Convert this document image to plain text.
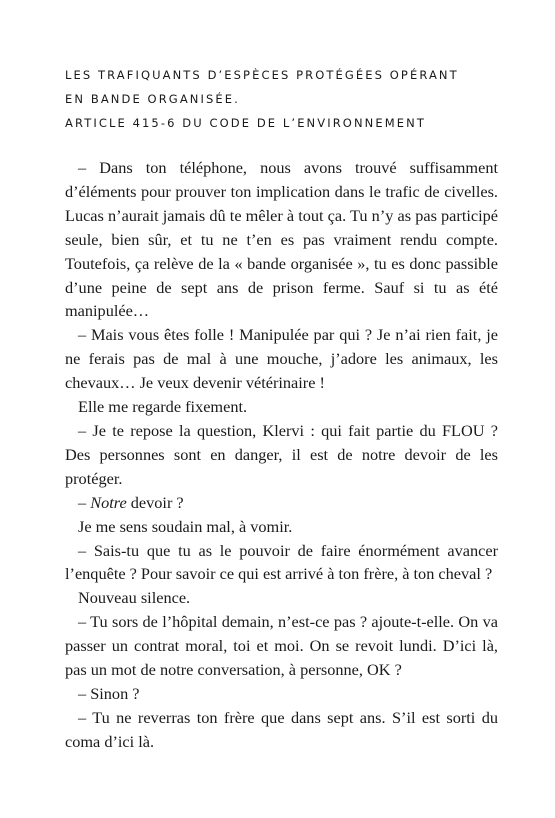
LES TRAFIQUANTS D’ESPÈCES PROTÉGÉES OPÉRANT
EN BANDE ORGANISÉE.
ARTICLE 415-6 DU CODE DE L’ENVIRONNEMENT

– Dans ton téléphone, nous avons trouvé suffisamment d’éléments pour prouver ton implication dans le trafic de civelles. Lucas n’aurait jamais dû te mêler à tout ça. Tu n’y as pas participé seule, bien sûr, et tu ne t’en es pas vraiment rendu compte. Toutefois, ça relève de la « bande organisée », tu es donc passible d’une peine de sept ans de prison ferme. Sauf si tu as été manipulée…

– Mais vous êtes folle ! Manipulée par qui ? Je n’ai rien fait, je ne ferais pas de mal à une mouche, j’adore les animaux, les chevaux… Je veux devenir vétérinaire !

Elle me regarde fixement.

– Je te repose la question, Klervi : qui fait partie du FLOU ? Des personnes sont en danger, il est de notre devoir de les protéger.

– Notre devoir ?

Je me sens soudain mal, à vomir.

– Sais-tu que tu as le pouvoir de faire énormément avancer l’enquête ? Pour savoir ce qui est arrivé à ton frère, à ton cheval ?

Nouveau silence.

– Tu sors de l’hôpital demain, n’est-ce pas ? ajoute-t-elle. On va passer un contrat moral, toi et moi. On se revoit lundi. D’ici là, pas un mot de notre conversation, à personne, OK ?

– Sinon ?

– Tu ne reverras ton frère que dans sept ans. S’il est sorti du coma d’ici là.
